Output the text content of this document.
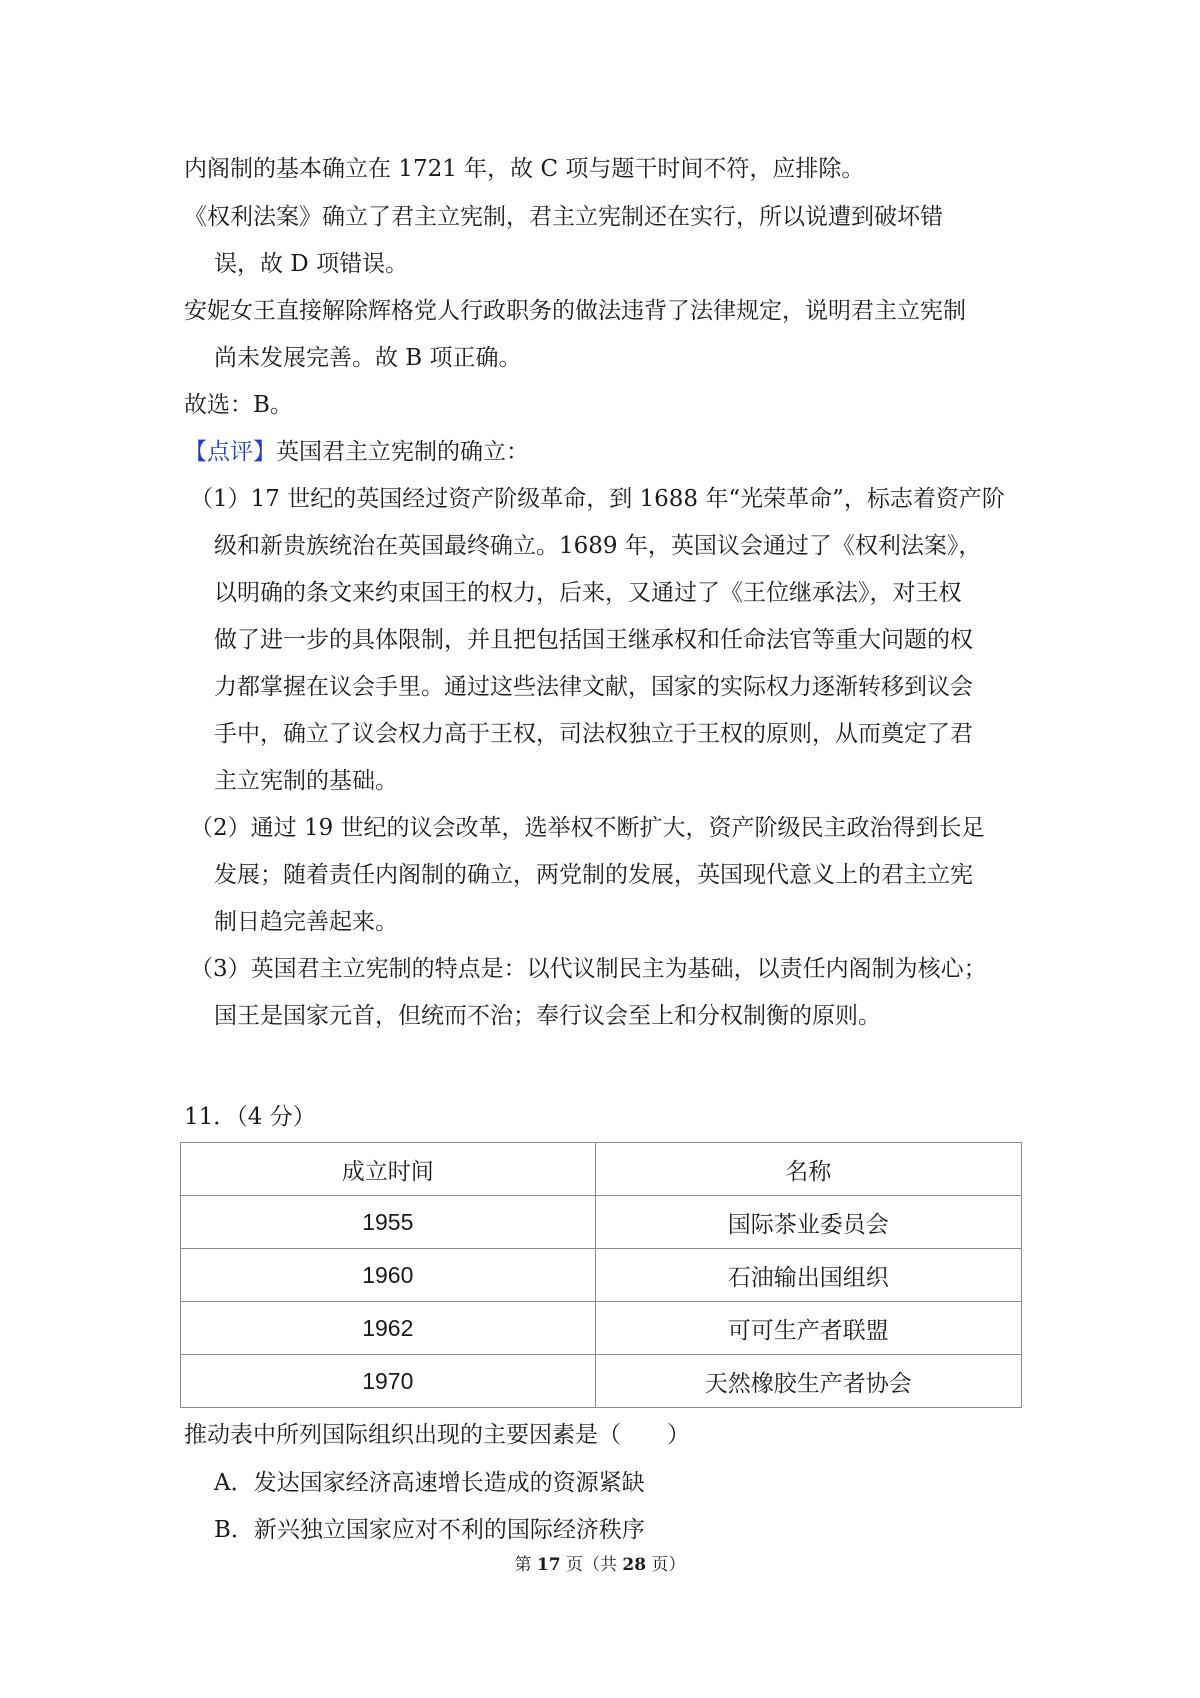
内阁制的基本确立在 1721 年，故 C 项与题干时间不符，应排除。
《权利法案》确立了君主立宪制，君主立宪制还在实行，所以说遭到破坏错
误，故 D 项错误。
安妮女王直接解除辉格党人行政职务的做法违背了法律规定，说明君主立宪制
尚未发展完善。故 B 项正确。
故选：B。
【点评】英国君主立宪制的确立：
（1）17 世纪的英国经过资产阶级革命，到 1688 年“光荣革命”，标志着资产阶
级和新贵族统治在英国最终确立。1689 年，英国议会通过了《权利法案》，
以明确的条文来约束国王的权力，后来，又通过了《王位继承法》，对王权
做了进一步的具体限制，并且把包括国王继承权和任命法官等重大问题的权
力都掌握在议会手里。通过这些法律文献，国家的实际权力逐渐转移到议会
手中，确立了议会权力高于王权，司法权独立于王权的原则，从而奠定了君
主立宪制的基础。
（2）通过 19 世纪的议会改革，选举权不断扩大，资产阶级民主政治得到长足
发展；随着责任内阁制的确立，两党制的发展，英国现代意义上的君主立宪
制日趋完善起来。
（3）英国君主立宪制的特点是：以代议制民主为基础，以责任内阁制为核心；
国王是国家元首，但统而不治；奉行议会至上和分权制衡的原则。
11．（4 分）
成立时间	名称
1955	国际茶业委员会
1960	石油输出国组织
1962	可可生产者联盟
1970	天然橡胶生产者协会
推动表中所列国际组织出现的主要因素是（　　）
A．发达国家经济高速增长造成的资源紧缺
B．新兴独立国家应对不利的国际经济秩序
第 17 页（共 28 页）
